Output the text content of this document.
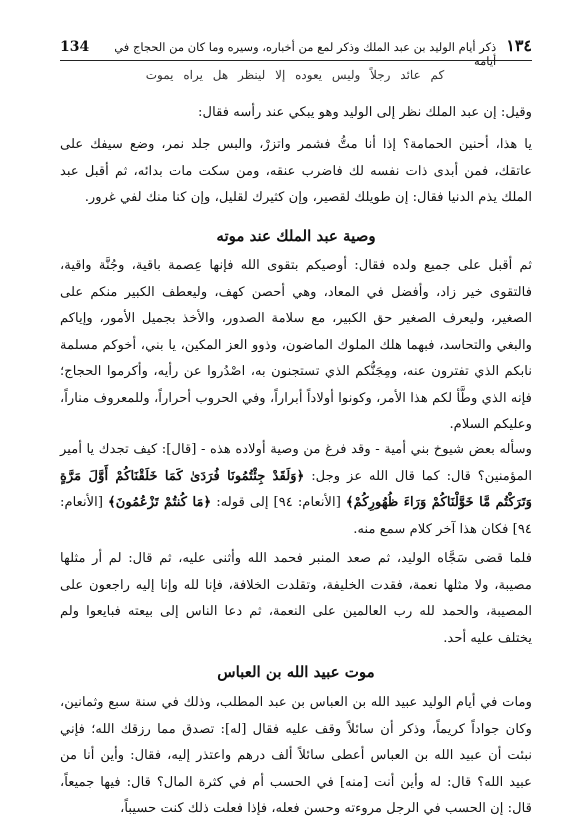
١٣٤
ذكر أيام الوليد بن عبد الملك وذكر لمع من أخباره، وسيره وما كان من الحجاج في أيامه
134
كم عائد رجلاً وليس يعوده إلا لينظر هل يراه يموت
وقيل: إن عبد الملك نظر إلى الوليد وهو يبكي عند رأسه فقال:
يا هذا، أحنين الحمامة؟ إذا أنا متُّ فشمر واتزرْ، والبس جلد نمر، وضع سيفك على عاتقك، فمن أبدى ذات نفسه لك فاضرب عنقه، ومن سكت مات بدائه، ثم أقبل عبد الملك يذم الدنيا فقال: إن طويلك لقصير، وإن كثيرك لقليل، وإن كنا منك لفي غرور.
وصية عبد الملك عند موته
ثم أقبل على جميع ولده فقال: أوصيكم بتقوى الله فإنها عِصمة باقية، وجُنَّة واقية، فالتقوى خير زاد، وأفضل في المعاد، وهي أحصن كهف، وليعطف الكبير منكم على الصغير، وليعرف الصغير حق الكبير، مع سلامة الصدور، والأخذ بجميل الأمور، وإياكم والبغي والتحاسد، فبهما هلك الملوك الماضون، وذوو العز المكين، يا بني، أخوكم مسلمة نابكم الذي تفترون عنه، ومِجَنُّكم الذي تستجنون به، اصْدُروا عن رأيه، وأكرموا الحجاج؛ فإنه الذي وطَّأ لكم هذا الأمر، وكونوا أولاداً أبراراً، وفي الحروب أحراراً، وللمعروف مناراً، وعليكم السلام.
وسأله بعض شيوخ بني أمية - وقد فرغ من وصية أولاده هذه - [قال]: كيف تجدك يا أمير المؤمنين؟ قال: كما قال الله عز وجل: ﴿وَلَقَدْ جِئْتُمُونَا فُرَدَىٰ كَمَا خَلَقْنَاكُمْ أَوَّلَ مَرَّةٍ وَتَرَكْتُم مَّا خَوَّلْنَاكُمْ وَرَاءَ ظُهُورِكُمْ﴾ [الأنعام: ٩٤] إلى قوله: ﴿مَا كُنتُمْ تَزْعُمُونَ﴾ [الأنعام: ٩٤] فكان هذا آخر كلام سمع منه.
فلما قضى سَجَّاه الوليد، ثم صعد المنبر فحمد الله وأثنى عليه، ثم قال: لم أر مثلها مصيبة، ولا مثلها نعمة، فقدت الخليفة، وتقلدت الخلافة، فإنا لله وإنا إليه راجعون على المصيبة، والحمد لله رب العالمين على النعمة، ثم دعا الناس إلى بيعته فبايعوا ولم يختلف عليه أحد.
موت عبيد الله بن العباس
ومات في أيام الوليد عبيد الله بن العباس بن عبد المطلب، وذلك في سنة سبع وثمانين، وكان جواداً كريماً، وذكر أن سائلاً وقف عليه فقال [له]: تصدق مما رزقك الله؛ فإني نبئت أن عبيد الله بن العباس أعطى سائلاً ألف درهم واعتذر إليه، فقال: وأين أنا من عبيد الله؟ قال: له وأين أنت [منه] في الحسب أم في كثرة المال؟ قال: فيها جميعاً، قال: إن الحسب في الرجل مروءته وحسن فعله، فإذا فعلت ذلك كنت حسيباً،
